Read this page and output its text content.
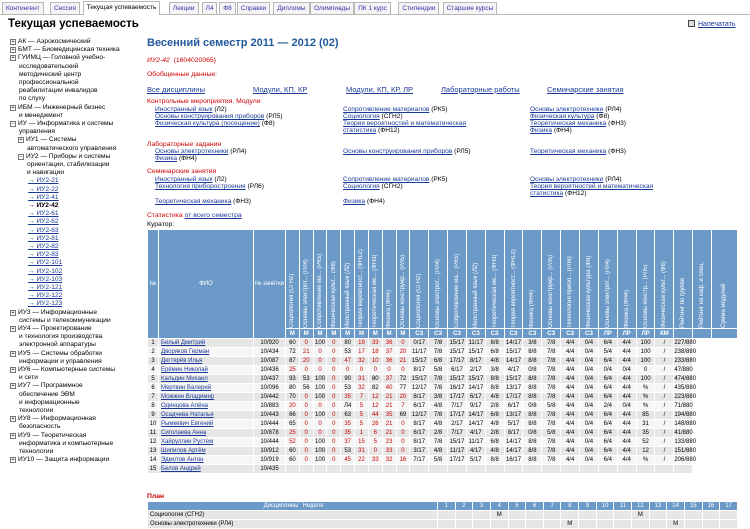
Контингент	Сессия	Текущая успеваемость	Лекции	Л4	Ф8	Справки	Дипломы	Олимпиады	ПК 1 курс	Стипендии	Старшие курсы
Текущая успеваемость	Напечатать
+ АК — Аэрокосмический
+ БМТ — Биомедицинская техника
+ ГУИМЦ — Головной учебно-
исследовательский
методический центр
профессиональной
реабилитации инвалидов
по слуху
+ ИБМ — Инженерный бизнес
и менеджмент
− ИУ — Информатика и системы
управления
+ ИУ1 — Системы
автоматического управления
− ИУ2 — Приборы и системы
ориентации, стабилизации
и навигации
→ ИУ2-21
→ ИУ2-22
→ ИУ2-41
→ ИУ2-42
→ ИУ2-61
→ ИУ2-62
→ ИУ2-63
→ ИУ2-81
→ ИУ2-82
→ ИУ2-83
→ ИУ2-101
→ ИУ2-102
→ ИУ2-103
→ ИУ2-121
→ ИУ2-122
→ ИУ2-123
+ ИУ3 — Информационные
системы и телекоммуникации
+ ИУ4 — Проектирование
и технология производства
электронной аппаратуры
+ ИУ5 — Системы обработки
информации и управления
+ ИУ6 — Компьютерные системы
и сети
+ ИУ7 — Программное
обеспечение ЭВМ
и информационные
технологии
+ ИУ8 — Информационная
безопасность
+ ИУ9 — Теоретическая
информатика и компьютерные
технологии
+ ИУ10 — Защита информации
Весенний семестр 2011 — 2012 (02)
ИУ2-42 (1604020065)
Обобщенные данные:
Все дисциплины	Модули, КП, КР	Модули, КП, КР, ЛР	Лабораторные работы	Семинарские занятия
Контрольные мероприятия. Модули
Иностранный язык (Л2)
Основы конструирования приборов (РЛ5)
Физическая культура (посещение) (Ф8)
Сопротивление материалов (РК5)
Социология (СГН2)
Теория вероятностей и математическая
статистика (ФН12)
Основы электротехники (РЛ4)
Физическая культура (Ф8)
Теоретическая механика (ФН3)
Физика (ФН4)
Лабораторные задания
Основы электротехники (РЛ4)
Физика (ФН4)
Основы конструирования приборов (РЛ5)	Теоретическая механика (ФН3)
Семинарские занятия
Иностранный язык (Л2)
Технология приборостроения (РЛ6)
Теоретическая механика (ФН3)
Сопротивление материалов (РК5)
Социология (СГН2)
Физика (ФН4)
Основы электротехники (РЛ4)
Теория вероятностей и математическая
статистика (ФН12)
Статистика от всего семестра
Куратор:
№	ФИО	№ зачётки	Социология (СГН2)	Основы электрот... (РЛ4)	Сопротивление ма... (РК5)	Физическая культ... (Ф8)	Иностранный язык (Л2)	Теория вероятност... (ФН12)	Теоретическая ме... (ФН3)	Физика (ФН4)	Основы конструир... (РЛ5)	Социология (СГН2)	Основы электрот... (РЛ4)	Сопротивление ма... (РК5)	Иностранный язык (Л2)	Теоретическая ме... (ФН3)	Теория вероятност... (ФН12)	Физика (ФН4)	Основы конструир... (РЛ5)	Технология прибо... (РЛ6)	Физическая культура (Ф8)	Основы электрот... (РЛ4)	Физика (ФН4)	Основы констр... (РЛ5)	Физическая культ... (Ф8)	Рейтинг по группе	Рейтинг на каф. и спец.	Сумма модулей

			М	М	М	М	М	М	М	М	М	СЗ	СЗ	СЗ	СЗ	СЗ	СЗ	СЗ	СЗ	СЗ	СЗ	ЛР	ЛР	ЛР	КМ			
1	Белый Дмитрий	10/920	60	0	100	0	80	19	33	36	0	0/17	7/8	15/17	11/17	8/8	14/17	3/8	7/8	4/4	0/4	6/4	4/4	100	/	227/880		
2	Дворяков Герман	10/434	72	21	0	0	53	17	18	37	20	11/17	7/8	15/17	15/17	6/8	15/17	8/8	7/8	4/4	0/4	5/4	4/4	100	/	238/880		
3	Дегтярёв Илья	10/087	87	20	0	0	47	32	10	36	21	15/17	6/8	17/17	8/17	4/8	14/17	8/8	7/8	4/4	0/4	6/4	4/4	100	/	233/880		
4	Ерёмин Николай	10/436	25	0	0	0	0	0	0	0	0	8/17	5/8	6/17	2/17	3/8	4/17	0/8	7/8	4/4	0/4	0/4	0/4	0	/	47/880		
5	Кальдин Михаил	10/437	93	53	100	0	90	31	80	37	72	15/17	7/8	15/17	15/17	8/8	15/17	8/8	7/8	4/4	0/4	6/4	4/4	100	/	474/880		
6	Мертвин Валерий	10/096	80	56	100	0	53	32	82	40	77	12/17	7/8	16/17	14/17	8/8	13/17	8/8	7/8	4/4	0/4	6/4	4/4	%	/	435/880		
7	Можжин Владимир	10/442	70	0	100	0	35	7	12	21	20	8/17	3/8	17/17	6/17	4/8	17/17	8/8	7/8	4/4	0/4	6/4	4/4	%	/	223/880		
8	Одинцова Алёна	10/883	20	0	0	0	Л4	5	12	21	7	6/17	4/8	7/17	9/17	2/8	6/17	0/8	5/8	4/4	0/4	2/4	0/4	%	/	71/880		
9	Осадчева Наталья	10/443	66	0	100	0	63	5	44	35	69	12/17	7/8	17/17	14/17	6/8	13/17	8/8	7/8	4/4	0/4	6/4	4/4	85	/	194/880		
10	Рымкевич Евгений	10/444	65	0	0	0	35	5	26	21	0	8/17	4/8	2/17	14/17	4/8	5/17	8/8	7/8	4/4	0/4	6/4	4/4	31	/	148/880		
11	Сиголаева Анна	10/878	25	0	0	0	35	1	6	21	0	6/17	2/8	7/17	4/17	2/8	8/17	0/8	5/8	4/4	0/4	6/4	4/4	35	/	41/880		
12	Хайруллин Рустем	10/444	52	0	100	0	37	15	5	23	0	8/17	7/8	15/17	11/17	6/8	14/17	8/8	7/8	4/4	0/4	6/4	4/4	52	/	133/880		
13	Шипилов Артём	10/912	60	0	100	0	53	31	0	33	0	3/17	4/8	11/17	4/17	4/8	14/17	8/8	7/8	4/4	0/4	6/4	4/4	12	/	151/880		
14	Эдмотов Антон	10/919	60	0	100	0	45	22	33	32	16	7/17	5/8	17/17	5/17	8/8	16/17	8/8	7/8	4/4	0/4	6/4	4/4	%	/	206/880		
15	Белов Андрей	10/435																										
План
Дисциплины Неделя	1	2	3	4	5	6	7	8	9	10	11	12	13	14	15	16	17
Социология (СГН2)				М								М					
Основы электротехники (РЛ4)								М						М			
